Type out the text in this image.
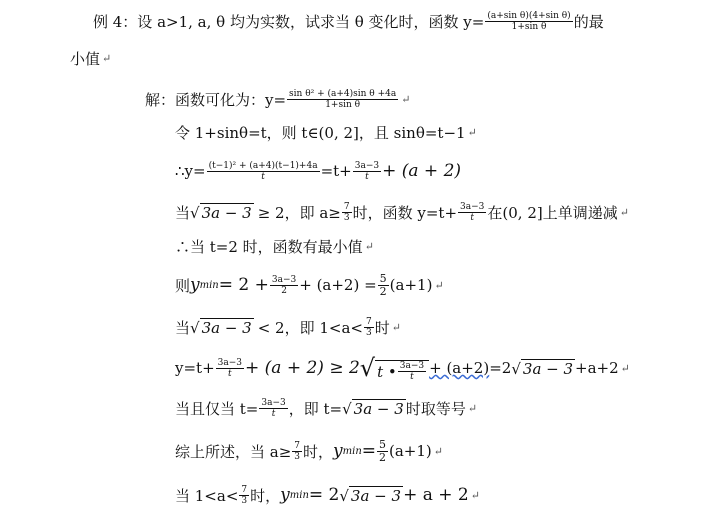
例 4：设 a>1, a, θ 均为实数，试求当 θ 变化时，函数 $y= \frac{\text{(a+sin θ)(4+sin θ)}}{\text{1+sin θ}}$ 的最
小值 ↵
解：函数可化为：$y= \frac{\text{sin θ² + (a+4)sin θ +4a}}{\text{1+sin θ}}$ ↵
令 1+sinθ=t，则 t∈(0, 2]，且 sinθ=t−1 ↵
∴y= $\frac{\text{(t−1)² + (a+4)(t−1)+4a}}{t} =t+ \frac{3a-3}{t} + (a + 2)$
当 √ 3a − 3 ≥ 2，即 $a\ge \frac{7}{3}$ 时，函数 $y=t+ \frac{3a-3}{t}$ 在(0, 2]上单调递减 ↵
∴当 t=2 时，函数有最小值 ↵
则 y $\min = 2 + \frac{3a-3}{2} + (a+2) = \frac{5}{2} (a+1)$ ↵
当 √ 3a − 3 < 2，即 $1<a< \frac{7}{3}$ 时 ↵
$y=t+ \frac{3a-3}{t} + (a + 2) \ge 2$ √ t • $\frac{3a-3}{t} + (a+2) =2$ √ 3a − 3 +a+2 ↵
当且仅当 $t= \frac{3a-3}{t}$ ，即 t= √ 3a − 3 时取等号 ↵
综上所述，当 $a\ge \frac{7}{3}$ 时， y $\min = \frac{5}{2} (a+1)$ ↵
当 $1<a< \frac{7}{3}$ 时， y min = 2 √ 3a − 3 + a + 2 ↵
